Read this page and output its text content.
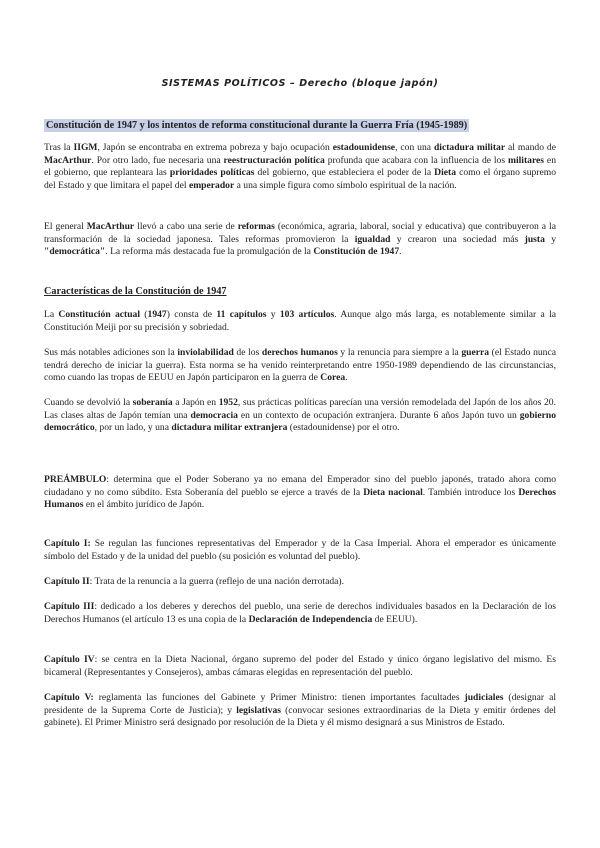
SISTEMAS POLÍTICOS – Derecho (bloque japón)
Constitución de 1947 y los intentos de reforma constitucional durante la Guerra Fría (1945-1989)

Tras la IIGM, Japón se encontraba en extrema pobreza y bajo ocupación estadounidense, con una dictadura militar al mando de MacArthur. Por otro lado, fue necesaria una reestructuración política profunda que acabara con la influencia de los militares en el gobierno, que replanteara las prioridades políticas del gobierno, que estableciera el poder de la Dieta como el órgano supremo del Estado y que limitara el papel del emperador a una simple figura como símbolo espiritual de la nación.

El general MacArthur llevó a cabo una serie de reformas (económica, agraria, laboral, social y educativa) que contribuyeron a la transformación de la sociedad japonesa. Tales reformas promovieron la igualdad y crearon una sociedad más justa y "democrática". La reforma más destacada fue la promulgación de la Constitución de 1947.

Características de la Constitución de 1947

La Constitución actual (1947) consta de 11 capítulos y 103 artículos. Aunque algo más larga, es notablemente similar a la Constitución Meiji por su precisión y sobriedad.

Sus más notables adiciones son la inviolabilidad de los derechos humanos y la renuncia para siempre a la guerra (el Estado nunca tendrá derecho de iniciar la guerra). Esta norma se ha venido reinterpretando entre 1950-1989 dependiendo de las circunstancias, como cuando las tropas de EEUU en Japón participaron en la guerra de Corea.

Cuando se devolvió la soberanía a Japón en 1952, sus prácticas políticas parecían una versión remodelada del Japón de los años 20. Las clases altas de Japón temían una democracia en un contexto de ocupación extranjera. Durante 6 años Japón tuvo un gobierno democrático, por un lado, y una dictadura militar extranjera (estadounidense) por el otro.

PREÁMBULO: determina que el Poder Soberano ya no emana del Emperador sino del pueblo japonés, tratado ahora como ciudadano y no como súbdito. Esta Soberanía del pueblo se ejerce a través de la Dieta nacional. También introduce los Derechos Humanos en el ámbito jurídico de Japón.

Capítulo I: Se regulan las funciones representativas del Emperador y de la Casa Imperial. Ahora el emperador es únicamente símbolo del Estado y de la unidad del pueblo (su posición es voluntad del pueblo).

Capítulo II: Trata de la renuncia a la guerra (reflejo de una nación derrotada).

Capítulo III: dedicado a los deberes y derechos del pueblo, una serie de derechos individuales basados en la Declaración de los Derechos Humanos (el artículo 13 es una copia de la Declaración de Independencia de EEUU).

Capítulo IV: se centra en la Dieta Nacional, órgano supremo del poder del Estado y único órgano legislativo del mismo. Es bicameral (Representantes y Consejeros), ambas cámaras elegidas en representación del pueblo.

Capítulo V: reglamenta las funciones del Gabinete y Primer Ministro: tienen importantes facultades judiciales (designar al presidente de la Suprema Corte de Justicia); y legislativas (convocar sesiones extraordinarias de la Dieta y emitir órdenes del gabinete). El Primer Ministro será designado por resolución de la Dieta y él mismo designará a sus Ministros de Estado.
